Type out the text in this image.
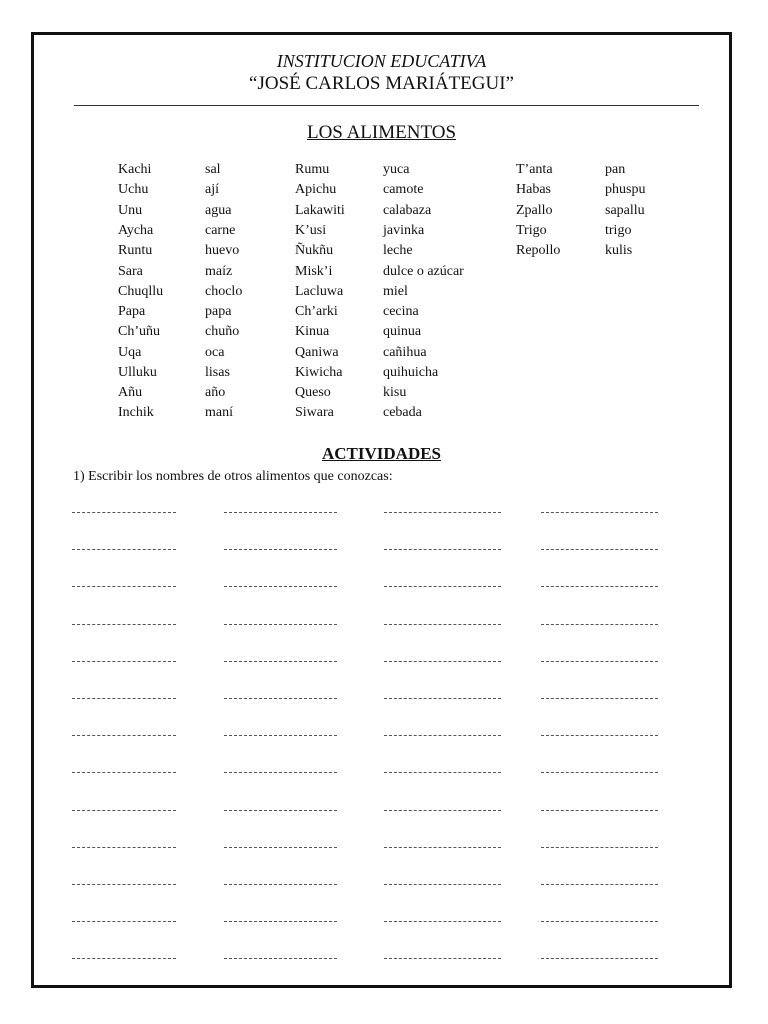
INSTITUCION EDUCATIVA
“JOSÉ CARLOS MARIÁTEGUI”
LOS ALIMENTOS
Kachi	sal	Rumu	yuca	T’anta	pan
Uchu	ají	Apichu	camote	Habas	phuspu
Unu	agua	Lakawiti	calabaza	Zpallo	sapallu
Aycha	carne	K’usi	javinka	Trigo	trigo
Runtu	huevo	Ñukñu	leche	Repollo	kulis
Sara	maíz	Misk’i	dulce o azúcar
Chuqllu	choclo	Lacluwa	miel
Papa	papa	Ch’arki	cecina
Ch’uñu	chuño	Kinua	quinua
Uqa	oca	Qaniwa	cañihua
Ulluku	lisas	Kiwicha	quihuicha
Añu	año	Queso	kisu
Inchik	maní	Siwara	cebada
ACTIVIDADES
1) Escribir los nombres de otros alimentos que conozcas:
